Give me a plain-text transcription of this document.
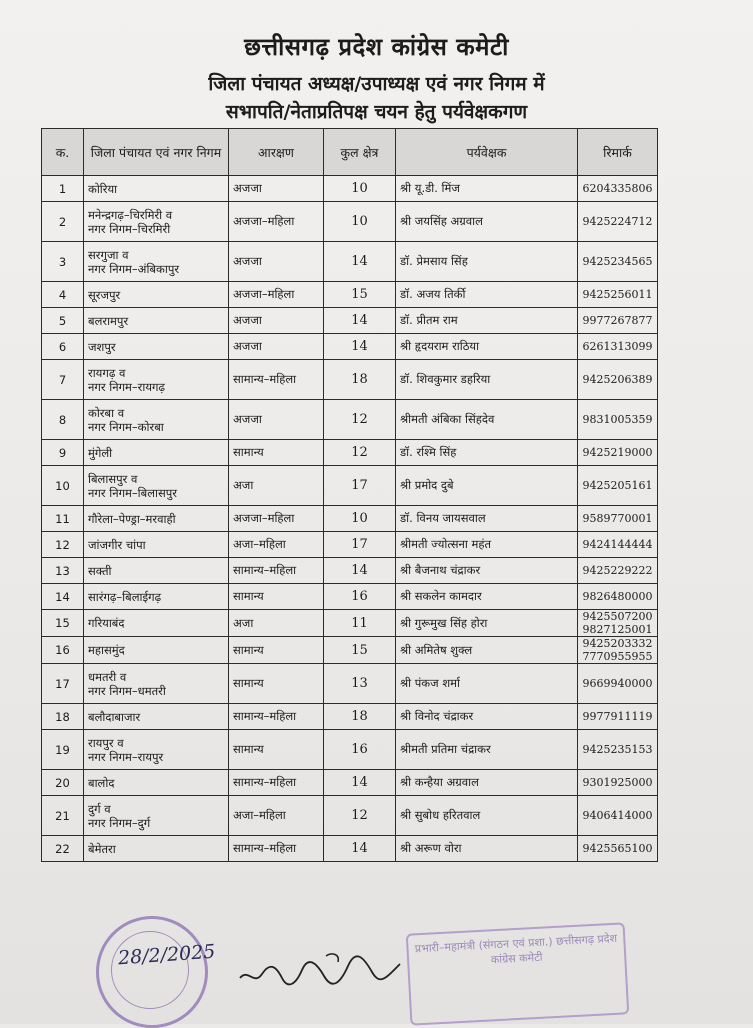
छत्तीसगढ़ प्रदेश कांग्रेस कमेटी
जिला पंचायत अध्यक्ष/उपाध्यक्ष एवं नगर निगम में
सभापति/नेताप्रतिपक्ष चयन हेतु पर्यवेक्षकगण
क.	जिला पंचायत एवं नगर निगम	आरक्षण	कुल क्षेत्र	पर्यवेक्षक	रिमार्क
1	कोरिया	अजजा	10	श्री यू.डी. मिंज	6204335806

2	मनेन्द्रगढ़–चिरमिरी व
नगर निगम–चिरमिरी	अजजा–महिला	10	श्री जयसिंह अग्रवाल	9425224712

3	सरगुजा व
नगर निगम–अंबिकापुर	अजजा	14	डॉ. प्रेमसाय सिंह	9425234565

4	सूरजपुर	अजजा–महिला	15	डॉ. अजय तिर्की	9425256011

5	बलरामपुर	अजजा	14	डॉ. प्रीतम राम	9977267877

6	जशपुर	अजजा	14	श्री हृदयराम राठिया	6261313099

7	रायगढ़ व
नगर निगम–रायगढ़	सामान्य–महिला	18	डॉ. शिवकुमार डहरिया	9425206389

8	कोरबा व
नगर निगम–कोरबा	अजजा	12	श्रीमती अंबिका सिंहदेव	9831005359

9	मुंगेली	सामान्य	12	डॉ. रश्मि सिंह	9425219000

10	बिलासपुर व
नगर निगम–बिलासपुर	अजा	17	श्री प्रमोद दुबे	9425205161

11	गौरेला–पेण्ड्रा–मरवाही	अजजा–महिला	10	डॉ. विनय जायसवाल	9589770001

12	जांजगीर चांपा	अजा–महिला	17	श्रीमती ज्योत्सना महंत	9424144444

13	सक्ती	सामान्य–महिला	14	श्री बैजनाथ चंद्राकर	9425229222

14	सारंगढ़–बिलाईगढ़	सामान्य	16	श्री सकलेन कामदार	9826480000

15	गरियाबंद	अजा	11	श्री गुरूमुख सिंह होरा	9425507200
9827125001

16	महासमुंद	सामान्य	15	श्री अमितेष शुक्ल	9425203332
7770955955

17	धमतरी व
नगर निगम–धमतरी	सामान्य	13	श्री पंकज शर्मा	9669940000

18	बलौदाबाजार	सामान्य–महिला	18	श्री विनोद चंद्राकर	9977911119

19	रायपुर व
नगर निगम–रायपुर	सामान्य	16	श्रीमती प्रतिमा चंद्राकर	9425235153

20	बालोद	सामान्य–महिला	14	श्री कन्हैया अग्रवाल	9301925000

21	दुर्ग व
नगर निगम–दुर्ग	अजा–महिला	12	श्री सुबोध हरितवाल	9406414000

22	बेमेतरा	सामान्य–महिला	14	श्री अरूण वोरा	9425565100
28/2/2025	प्रभारी–महामंत्री (संगठन एवं प्रशा.) छत्तीसगढ़ प्रदेश कांग्रेस कमेटी
